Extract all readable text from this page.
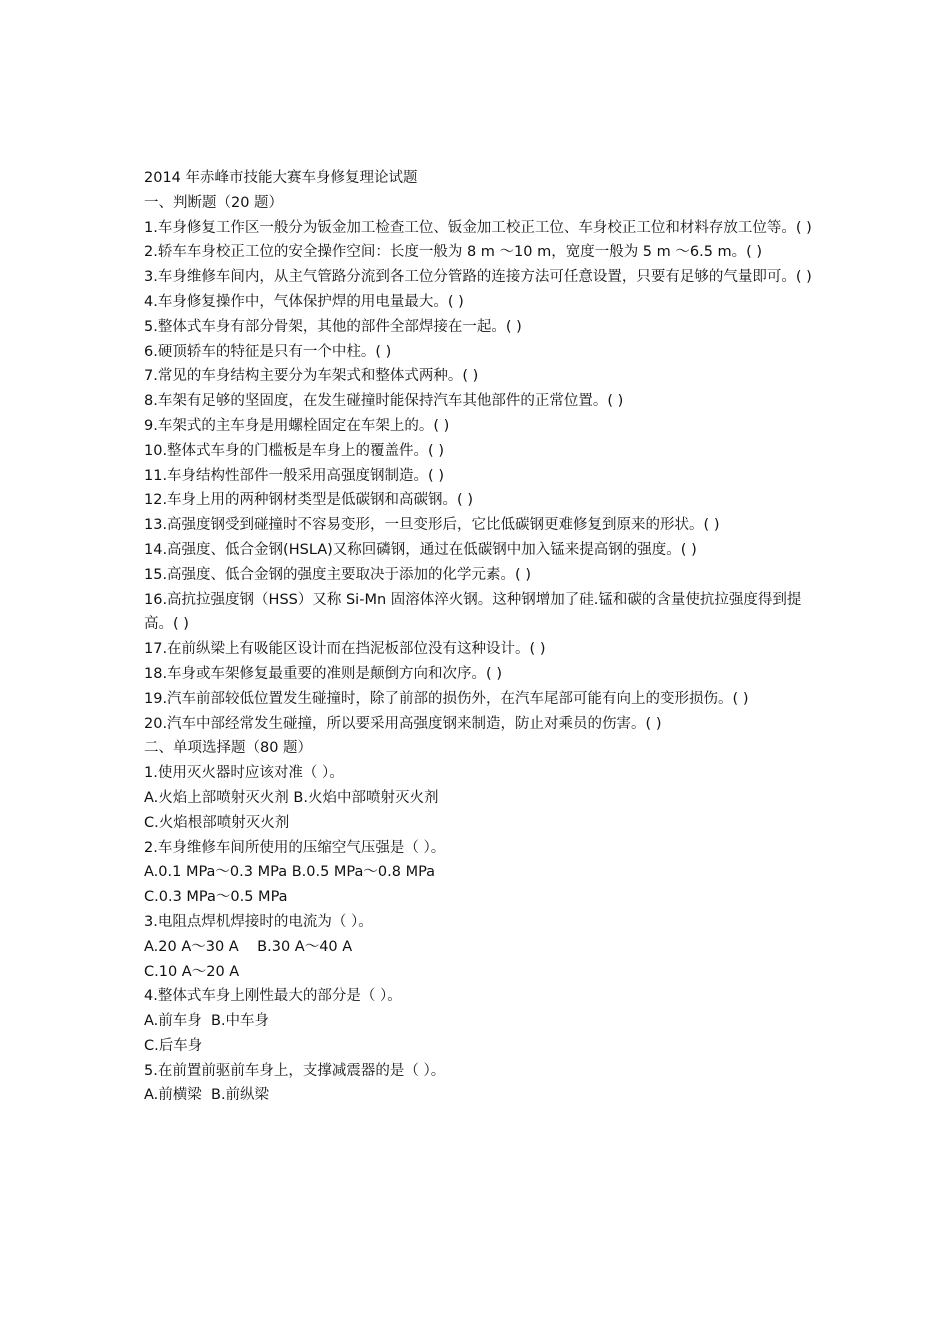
2014 年赤峰市技能大赛车身修复理论试题

一、判断题（20 题）

1.车身修复工作区一般分为钣金加工检查工位、钣金加工校正工位、车身校正工位和材料存放工位等。( )

2.轿车车身校正工位的安全操作空间：长度一般为 8 m ～10 m，宽度一般为 5 m ～6.5 m。( )

3.车身维修车间内，从主气管路分流到各工位分管路的连接方法可任意设置，只要有足够的气量即可。( )

4.车身修复操作中，气体保护焊的用电量最大。( )

5.整体式车身有部分骨架，其他的部件全部焊接在一起。( )

6.硬顶轿车的特征是只有一个中柱。( )

7.常见的车身结构主要分为车架式和整体式两种。( )

8.车架有足够的坚固度，在发生碰撞时能保持汽车其他部件的正常位置。( )

9.车架式的主车身是用螺栓固定在车架上的。( )

10.整体式车身的门槛板是车身上的覆盖件。( )

11.车身结构性部件一般采用高强度钢制造。( )

12.车身上用的两种钢材类型是低碳钢和高碳钢。( )

13.高强度钢受到碰撞时不容易变形，一旦变形后，它比低碳钢更难修复到原来的形状。( )

14.高强度、低合金钢(HSLA)又称回磷钢，通过在低碳钢中加入锰来提高钢的强度。( )

15.高强度、低合金钢的强度主要取决于添加的化学元素。( )

16.高抗拉强度钢（HSS）又称 Si-Mn 固溶体淬火钢。这种钢增加了硅.锰和碳的含量使抗拉强度得到提高。( )

17.在前纵梁上有吸能区设计而在挡泥板部位没有这种设计。( )

18.车身或车架修复最重要的准则是颠倒方向和次序。( )

19.汽车前部较低位置发生碰撞时，除了前部的损伤外，在汽车尾部可能有向上的变形损伤。( )

20.汽车中部经常发生碰撞，所以要采用高强度钢来制造，防止对乘员的伤害。( )

二、单项选择题（80 题）

1.使用灭火器时应该对准（ ）。

A.火焰上部喷射灭火剂 B.火焰中部喷射灭火剂

C.火焰根部喷射灭火剂

2.车身维修车间所使用的压缩空气压强是（ ）。

A.0.1 MPa～0.3 MPa B.0.5 MPa～0.8 MPa

C.0.3 MPa～0.5 MPa

3.电阻点焊机焊接时的电流为（ ）。

A.20 A～30 A    B.30 A～40 A

C.10 A～20 A

4.整体式车身上刚性最大的部分是（ ）。

A.前车身  B.中车身

C.后车身

5.在前置前驱前车身上，支撑减震器的是（ ）。

A.前横梁  B.前纵梁
